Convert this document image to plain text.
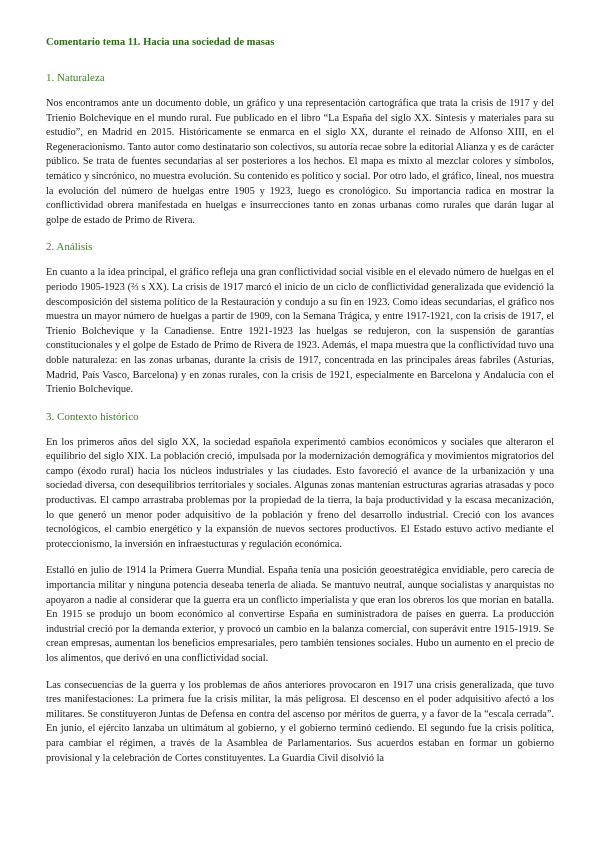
Comentario tema 11. Hacia una sociedad de masas
1. Naturaleza

Nos encontramos ante un documento doble, un gráfico y una representación cartográfica que trata la crisis de 1917 y del Trienio Bolchevique en el mundo rural. Fue publicado en el libro “La España del siglo XX. Síntesis y materiales para su estudio”, en Madrid en 2015. Históricamente se enmarca en el siglo XX, durante el reinado de Alfonso XIII, en el Regeneracionismo. Tanto autor como destinatario son colectivos, su autoría recae sobre la editorial Alianza y es de carácter público. Se trata de fuentes secundarias al ser posteriores a los hechos. El mapa es mixto al mezclar colores y símbolos, temático y sincrónico, no muestra evolución. Su contenido es político y social. Por otro lado, el gráfico, lineal, nos muestra la evolución del número de huelgas entre 1905 y 1923, luego es cronológico. Su importancia radica en mostrar la conflictividad obrera manifestada en huelgas e insurrecciones tanto en zonas urbanas como rurales que darán lugar al golpe de estado de Primo de Rivera.

2. Análisis

En cuanto a la idea principal, el gráfico refleja una gran conflictividad social visible en el elevado número de huelgas en el periodo 1905-1923 (⅔ s XX). La crisis de 1917 marcó el inicio de un ciclo de conflictividad generalizada que evidenció la descomposición del sistema político de la Restauración y condujo a su fin en 1923. Como ideas secundarias, el gráfico nos muestra un mayor número de huelgas a partir de 1909, con la Semana Trágica, y entre 1917-1921, con la crisis de 1917, el Trienio Bolchevique y la Canadiense. Entre 1921-1923 las huelgas se redujeron, con la suspensión de garantías constitucionales y el golpe de Estado de Primo de Rivera de 1923. Además, el mapa muestra que la conflictividad tuvo una doble naturaleza: en las zonas urbanas, durante la crisis de 1917, concentrada en las principales áreas fabriles (Asturias, Madrid, País Vasco, Barcelona) y en zonas rurales, con la crisis de 1921, especialmente en Barcelona y Andalucía con el Trienio Bolchevique.

3. Contexto histórico

En los primeros años del siglo XX, la sociedad española experimentó cambios económicos y sociales que alteraron el equilibrio del siglo XIX. La población creció, impulsada por la modernización demográfica y movimientos migratorios del campo (éxodo rural) hacia los núcleos industriales y las ciudades. Esto favoreció el avance de la urbanización y una sociedad diversa, con desequilibrios territoriales y sociales. Algunas zonas mantenían estructuras agrarias atrasadas y poco productivas. El campo arrastraba problemas por la propiedad de la tierra, la baja productividad y la escasa mecanización, lo que generó un menor poder adquisitivo de la población y freno del desarrollo industrial. Creció con los avances tecnológicos, el cambio energético y la expansión de nuevos sectores productivos. El Estado estuvo activo mediante el proteccionismo, la inversión en infraestucturas y regulación económica.

Estalló en julio de 1914 la Primera Guerra Mundial. España tenía una posición geoestratégica envidiable, pero carecía de importancia militar y ninguna potencia deseaba tenerla de aliada. Se mantuvo neutral, aunque socialistas y anarquistas no apoyaron a nadie al considerar que la guerra era un conflicto imperialista y que eran los obreros los que morían en batalla. En 1915 se produjo un boom económico al convertirse España en suministradora de países en guerra. La producción industrial creció por la demanda exterior, y provocó un cambio en la balanza comercial, con superávit entre 1915-1919. Se crean empresas, aumentan los beneficios empresariales, pero también tensiones sociales. Hubo un aumento en el precio de los alimentos, que derivó en una conflictividad social.

Las consecuencias de la guerra y los problemas de años anteriores provocaron en 1917 una crisis generalizada, que tuvo tres manifestaciones: La primera fue la crisis militar, la más peligrosa. El descenso en el poder adquisitivo afectó a los militares. Se constituyeron Juntas de Defensa en contra del ascenso por méritos de guerra, y a favor de la “escala cerrada”. En junio, el ejército lanzaba un ultimátum al gobierno, y el gobierno terminó cediendo. El segundo fue la crisis política, para cambiar el régimen, a través de la Asamblea de Parlamentarios. Sus acuerdos estaban en formar un gobierno provisional y la celebración de Cortes constituyentes. La Guardia Civil disolvió la
